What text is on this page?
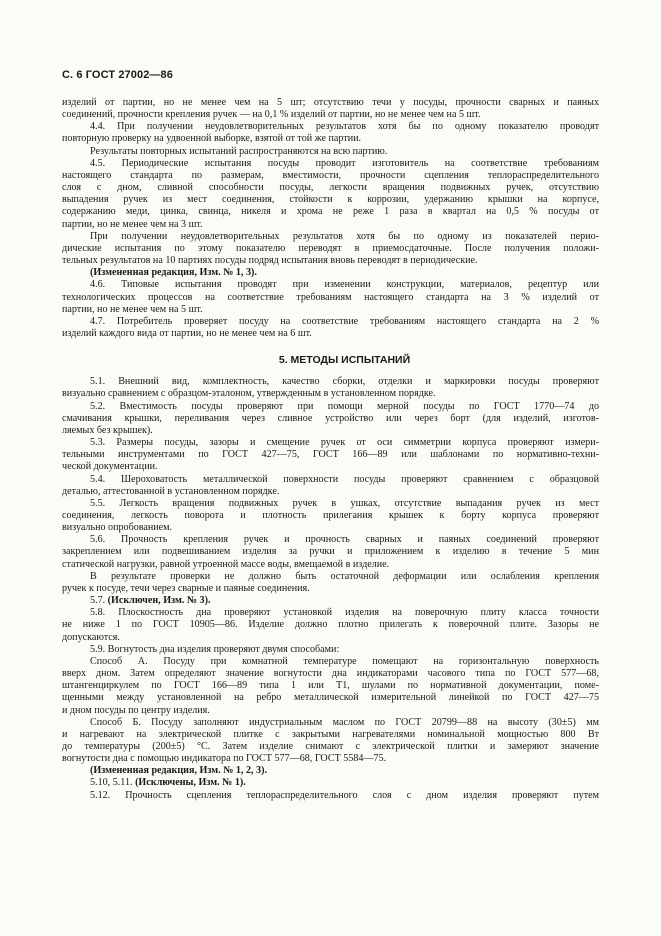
С. 6 ГОСТ 27002—86
изделий от партии, но не менее чем на 5 шт; отсутствию течи у посуды, прочности сварных и паяных
соединений, прочности крепления ручек — на 0,1 % изделий от партии, но не менее чем на 5 шт.
4.4. При получении неудовлетворительных результатов хотя бы по одному показателю проводят
повторную проверку на удвоенной выборке, взятой от той же партии.
Результаты повторных испытаний распространяются на всю партию.
4.5. Периодические испытания посуды проводит изготовитель на соответствие требованиям
настоящего стандарта по размерам, вместимости, прочности сцепления теплораспределительного
слоя с дном, сливной способности посуды, легкости вращения подвижных ручек, отсутствию
выпадения ручек из мест соединения, стойкости к коррозии, удержанию крышки на корпусе,
содержанию меди, цинка, свинца, никеля и хрома не реже 1 раза в квартал на 0,5 % посуды от
партии, но не менее чем на 3 шт.
При получении неудовлетворительных результатов хотя бы по одному из показателей перио-
дические испытания по этому показателю переводят в приемосдаточные. После получения положи-
тельных результатов на 10 партиях посуды подряд испытания вновь переводят в периодические.
(Измененная редакция, Изм. № 1, 3).
4.6. Типовые испытания проводят при изменении конструкции, материалов, рецептур или
технологических процессов на соответствие требованиям настоящего стандарта на 3 % изделий от
партии, но не менее чем на 5 шт.
4.7. Потребитель проверяет посуду на соответствие требованиям настоящего стандарта на 2 %
изделий каждого вида от партии, но не менее чем на 6 шт.
5. МЕТОДЫ ИСПЫТАНИЙ
5.1. Внешний вид, комплектность, качество сборки, отделки и маркировки посуды проверяют
визуально сравнением с образцом-эталоном, утвержденным в установленном порядке.
5.2. Вместимость посуды проверяют при помощи мерной посуды по ГОСТ 1770—74 до
смачивания крышки, переливания через сливное устройство или через борт (для изделий, изготов-
ляемых без крышек).
5.3. Размеры посуды, зазоры и смещение ручек от оси симметрии корпуса проверяют измери-
тельными инструментами по ГОСТ 427—75, ГОСТ 166—89 или шаблонами по нормативно-техни-
ческой документации.
5.4. Шероховатость металлической поверхности посуды проверяют сравнением с образцовой
деталью, аттестованной в установленном порядке.
5.5. Легкость вращения подвижных ручек в ушках, отсутствие выпадания ручек из мест
соединения, легкость поворота и плотность прилегания крышек к борту корпуса проверяют
визуально опробованием.
5.6. Прочность крепления ручек и прочность сварных и паяных соединений проверяют
закреплением или подвешиванием изделия за ручки и приложением к изделию в течение 5 мин
статической нагрузки, равной утроенной массе воды, вмещаемой в изделие.
В результате проверки не должно быть остаточной деформации или ослабления крепления
ручек к посуде, течи через сварные и паяные соединения.
5.7. (Исключен, Изм. № 3).
5.8. Плоскостность дна проверяют установкой изделия на поверочную плиту класса точности
не ниже 1 по ГОСТ 10905—86. Изделие должно плотно прилегать к поверочной плите. Зазоры не
допускаются.
5.9. Вогнутость дна изделия проверяют двумя способами:
Способ А. Посуду при комнатной температуре помещают на горизонтальную поверхность
вверх дном. Затем определяют значение вогнутости дна индикаторами часового типа по ГОСТ 577—68,
штангенциркулем по ГОСТ 166—89 типа 1 или Т1, шулами по нормативной документации, поме-
щенными между установленной на ребро металлической измерительной линейкой по ГОСТ 427—75
и дном посуды по центру изделия.
Способ Б. Посуду заполняют индустриальным маслом по ГОСТ 20799—88 на высоту (30±5) мм
и нагревают на электрической плитке с закрытыми нагревателями номинальной мощностью 800 Вт
до температуры (200±5) °С. Затем изделие снимают с электрической плитки и замеряют значение
вогнутости дна с помощью индикатора по ГОСТ 577—68, ГОСТ 5584—75.
(Измененная редакция, Изм. № 1, 2, 3).
5.10, 5.11. (Исключены, Изм. № 1).
5.12. Прочность сцепления теплораспределительного слоя с дном изделия проверяют путем
